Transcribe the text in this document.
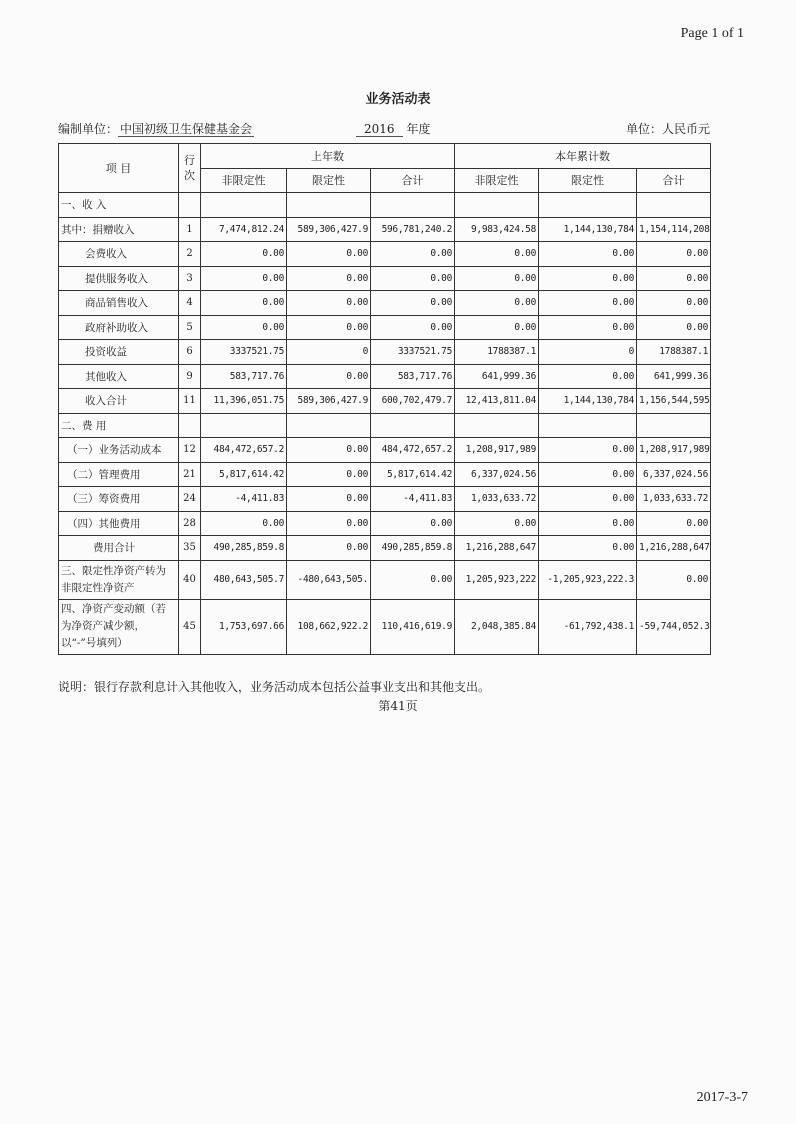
Page 1 of 1
业务活动表
编制单位： 中国初级卫生保健基金会	2016 年度	单位：人民币元
项 目	行次	上年数			本年累计数		
		非限定性	限定性	合计	非限定性	限定性	合计
一、收 入							
其中：捐赠收入	1	7,474,812.24	589,306,427.9	596,781,240.2	9,983,424.58	1,144,130,784	1,154,114,208
会费收入	2	0.00	0.00	0.00	0.00	0.00	0.00
提供服务收入	3	0.00	0.00	0.00	0.00	0.00	0.00
商品销售收入	4	0.00	0.00	0.00	0.00	0.00	0.00
政府补助收入	5	0.00	0.00	0.00	0.00	0.00	0.00
投资收益	6	3337521.75	0	3337521.75	1788387.1	0	1788387.1
其他收入	9	583,717.76	0.00	583,717.76	641,999.36	0.00	641,999.36
收入合计	11	11,396,051.75	589,306,427.9	600,702,479.7	12,413,811.04	1,144,130,784	1,156,544,595
二、费 用							
（一）业务活动成本	12	484,472,657.2	0.00	484,472,657.2	1,208,917,989	0.00	1,208,917,989
（二）管理费用	21	5,817,614.42	0.00	5,817,614.42	6,337,024.56	0.00	6,337,024.56
（三）筹资费用	24	-4,411.83	0.00	-4,411.83	1,033,633.72	0.00	1,033,633.72
（四）其他费用	28	0.00	0.00	0.00	0.00	0.00	0.00
费用合计	35	490,285,859.8	0.00	490,285,859.8	1,216,288,647	0.00	1,216,288,647
三、限定性净资产转为非限定性净资产	40	480,643,505.7	-480,643,505.	0.00	1,205,923,222	-1,205,923,222.3	0.00
四、净资产变动额（若为净资产减少额，以“-”号填列）	45	1,753,697.66	108,662,922.2	110,416,619.9	2,048,385.84	-61,792,438.1	-59,744,052.3
说明：银行存款利息计入其他收入，业务活动成本包括公益事业支出和其他支出。
第41页
2017-3-7
